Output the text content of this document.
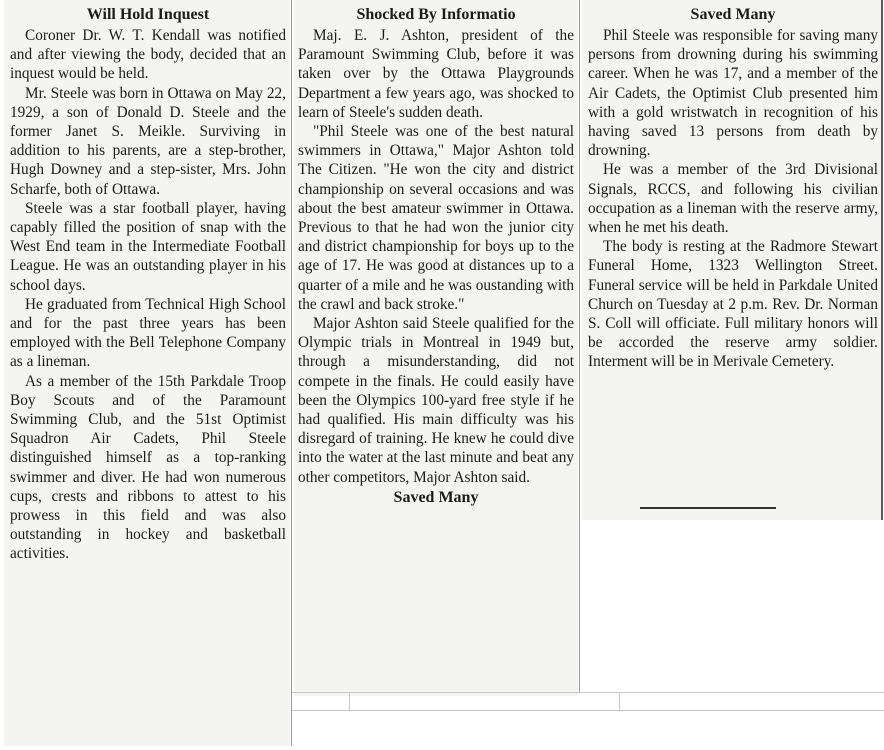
Will Hold Inquest

Coroner Dr. W. T. Kendall was notified and after viewing the body, decided that an inquest would be held.

Mr. Steele was born in Ottawa on May 22, 1929, a son of Donald D. Steele and the former Janet S. Meikle. Surviving in addition to his parents, are a step-brother, Hugh Downey and a step-sister, Mrs. John Scharfe, both of Ottawa.

Steele was a star football player, having capably filled the position of snap with the West End team in the Intermediate Football League. He was an outstanding player in his school days.

He graduated from Technical High School and for the past three years has been employed with the Bell Telephone Company as a lineman.

As a member of the 15th Parkdale Troop Boy Scouts and of the Paramount Swimming Club, and the 51st Optimist Squadron Air Cadets, Phil Steele distinguished himself as a top-ranking swimmer and diver. He had won numerous cups, crests and ribbons to attest to his prowess in this field and was also outstanding in hockey and basketball activities.

Shocked By Informatio

Maj. E. J. Ashton, president of the Paramount Swimming Club, before it was taken over by the Ottawa Playgrounds Department a few years ago, was shocked to learn of Steele's sudden death.

"Phil Steele was one of the best natural swimmers in Ottawa," Major Ashton told The Citizen. "He won the city and district championship on several occasions and was about the best amateur swimmer in Ottawa. Previous to that he had won the junior city and district championship for boys up to the age of 17. He was good at distances up to a quarter of a mile and he was oustanding with the crawl and back stroke."

Major Ashton said Steele qualified for the Olympic trials in Montreal in 1949 but, through a misunderstanding, did not compete in the finals. He could easily have been the Olympics 100-yard free style if he had qualified. His main difficulty was his disregard of training. He knew he could dive into the water at the last minute and beat any other competitors, Major Ashton said.

Saved Many
Saved Many

Phil Steele was responsible for saving many persons from drowning during his swimming career. When he was 17, and a member of the Air Cadets, the Optimist Club presented him with a gold wristwatch in recognition of his having saved 13 persons from death by drowning.

He was a member of the 3rd Divisional Signals, RCCS, and following his civilian occupation as a lineman with the reserve army, when he met his death.

The body is resting at the Radmore Stewart Funeral Home, 1323 Wellington Street. Funeral service will be held in Parkdale United Church on Tuesday at 2 p.m. Rev. Dr. Norman S. Coll will officiate. Full military honors will be accorded the reserve army soldier. Interment will be in Merivale Cemetery.
